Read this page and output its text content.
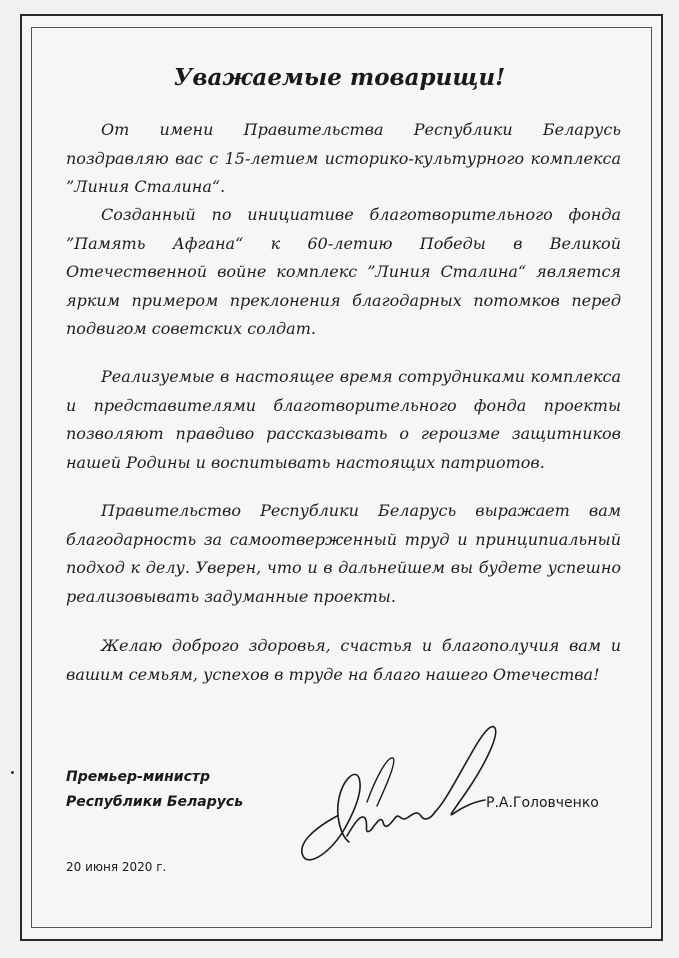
Уважаемые товарищи!

От имени Правительства Республики Беларусь поздравляю вас с 15-летием историко-культурного комплекса ”Линия Сталина“.

Созданный по инициативе благотворительного фонда ”Память Афгана“ к 60-летию Победы в Великой Отечественной войне комплекс ”Линия Сталина“ является ярким примером преклонения благодарных потомков перед подвигом советских солдат.

Реализуемые в настоящее время сотрудниками комплекса и представителями благотворительного фонда проекты позволяют правдиво рассказывать о героизме защитников нашей Родины и воспитывать настоящих патриотов.

Правительство Республики Беларусь выражает вам благодарность за самоотверженный труд и принципиальный подход к делу. Уверен, что и в дальнейшем вы будете успешно реализовывать задуманные проекты.

Желаю доброго здоровья, счастья и благополучия вам и вашим семьям, успехов в труде на благо нашего Отечества!

Премьер-министр
Республики Беларусь	Р.А.Головченко

20 июня 2020 г.
